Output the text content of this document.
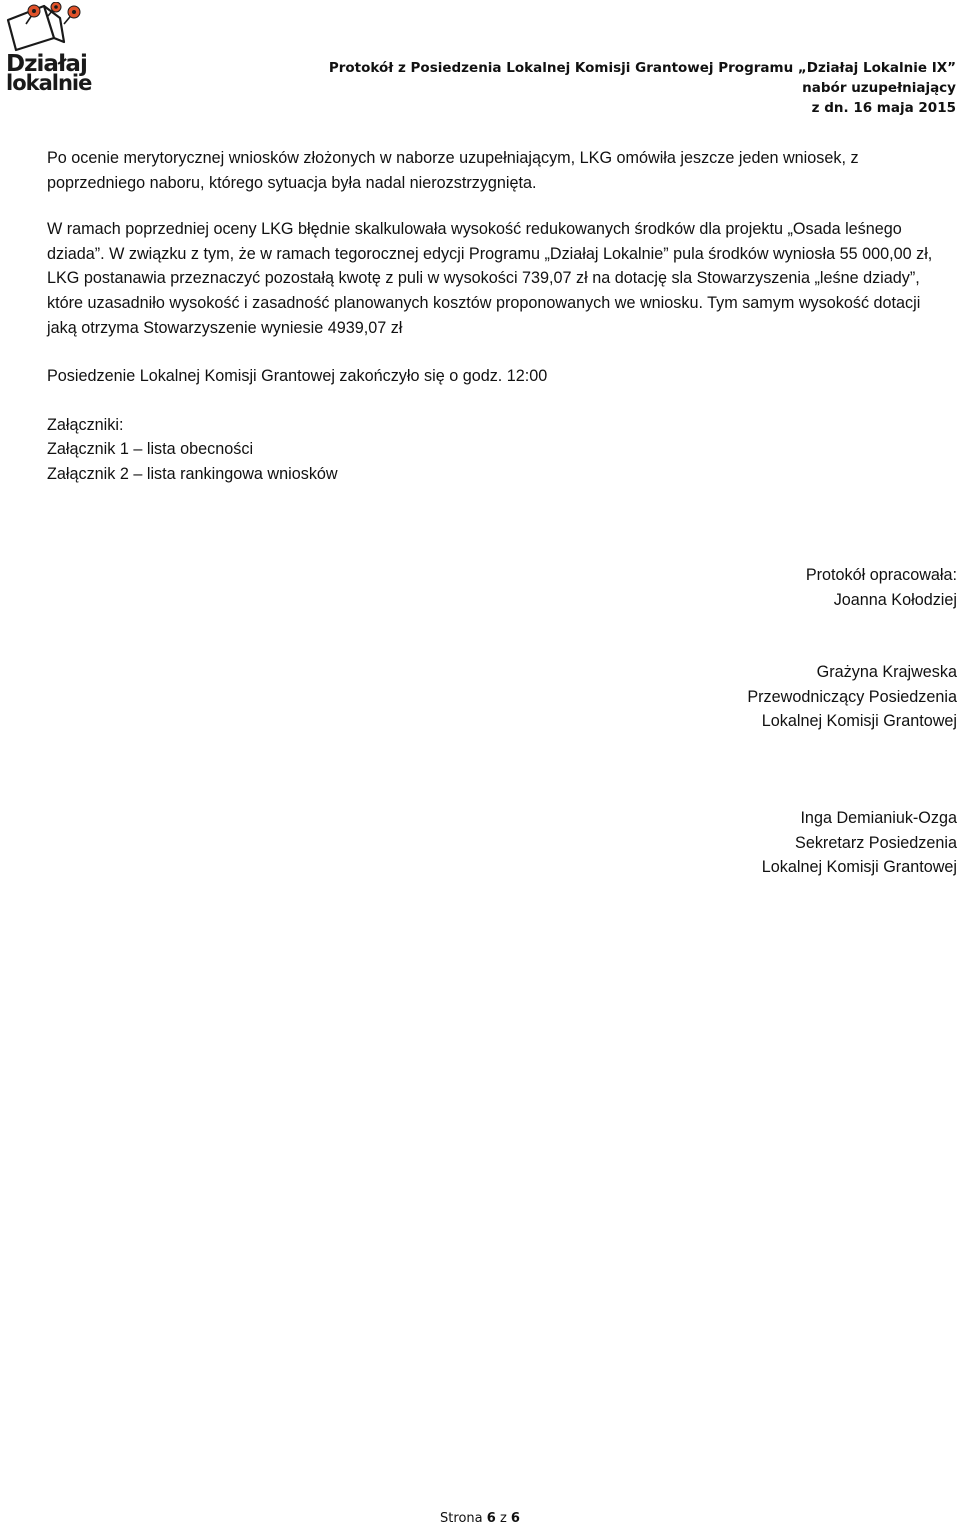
Działaj
lokalnie
Protokół z Posiedzenia Lokalnej Komisji Grantowej Programu „Działaj Lokalnie IX”
nabór uzupełniający
z dn. 16 maja 2015

Po ocenie merytorycznej wniosków złożonych w naborze uzupełniającym, LKG omówiła jeszcze jeden wniosek, z poprzedniego naboru, którego sytuacja była nadal nierozstrzygnięta.

W ramach poprzedniej oceny LKG błędnie skalkulowała wysokość redukowanych środków dla projektu „Osada leśnego dziada”. W związku z tym, że w ramach tegorocznej edycji Programu „Działaj Lokalnie” pula środków wyniosła 55 000,00 zł, LKG postanawia przeznaczyć pozostałą kwotę z puli w wysokości 739,07 zł na dotację sla Stowarzyszenia „leśne dziady”, które uzasadniło wysokość i zasadność planowanych kosztów proponowanych we wniosku. Tym samym wysokość dotacji jaką otrzyma Stowarzyszenie wyniesie 4939,07 zł

Posiedzenie Lokalnej Komisji Grantowej zakończyło się o godz. 12:00

Załączniki:

Załącznik 1 – lista obecności

Załącznik 2 – lista rankingowa wniosków

Protokół opracowała:
Joanna Kołodziej
Grażyna Krajweska
Przewodniczący Posiedzenia
Lokalnej Komisji Grantowej
Inga Demianiuk-Ozga
Sekretarz Posiedzenia
Lokalnej Komisji Grantowej
Strona 6 z 6
